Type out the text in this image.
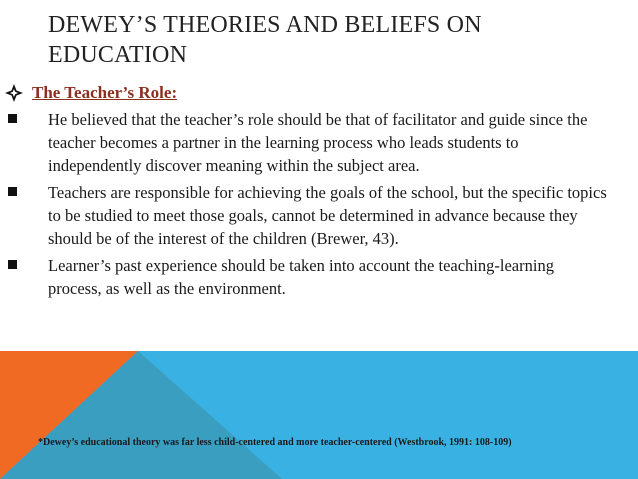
DEWEY’S THEORIES AND BELIEFS ON
EDUCATION
The Teacher’s Role:
He believed that the teacher’s role should be that of facilitator and guide since the teacher becomes a partner in the learning process who leads students to independently discover meaning within the subject area.
Teachers are responsible for achieving the goals of the school, but the specific topics to be studied to meet those goals, cannot be determined in advance because they should be of the interest of the children (Brewer, 43).
Learner’s past experience should be taken into account the teaching-learning process, as well as the environment.
*Dewey’s educational theory was far less child-centered and more teacher-centered (Westbrook, 1991: 108-109)
